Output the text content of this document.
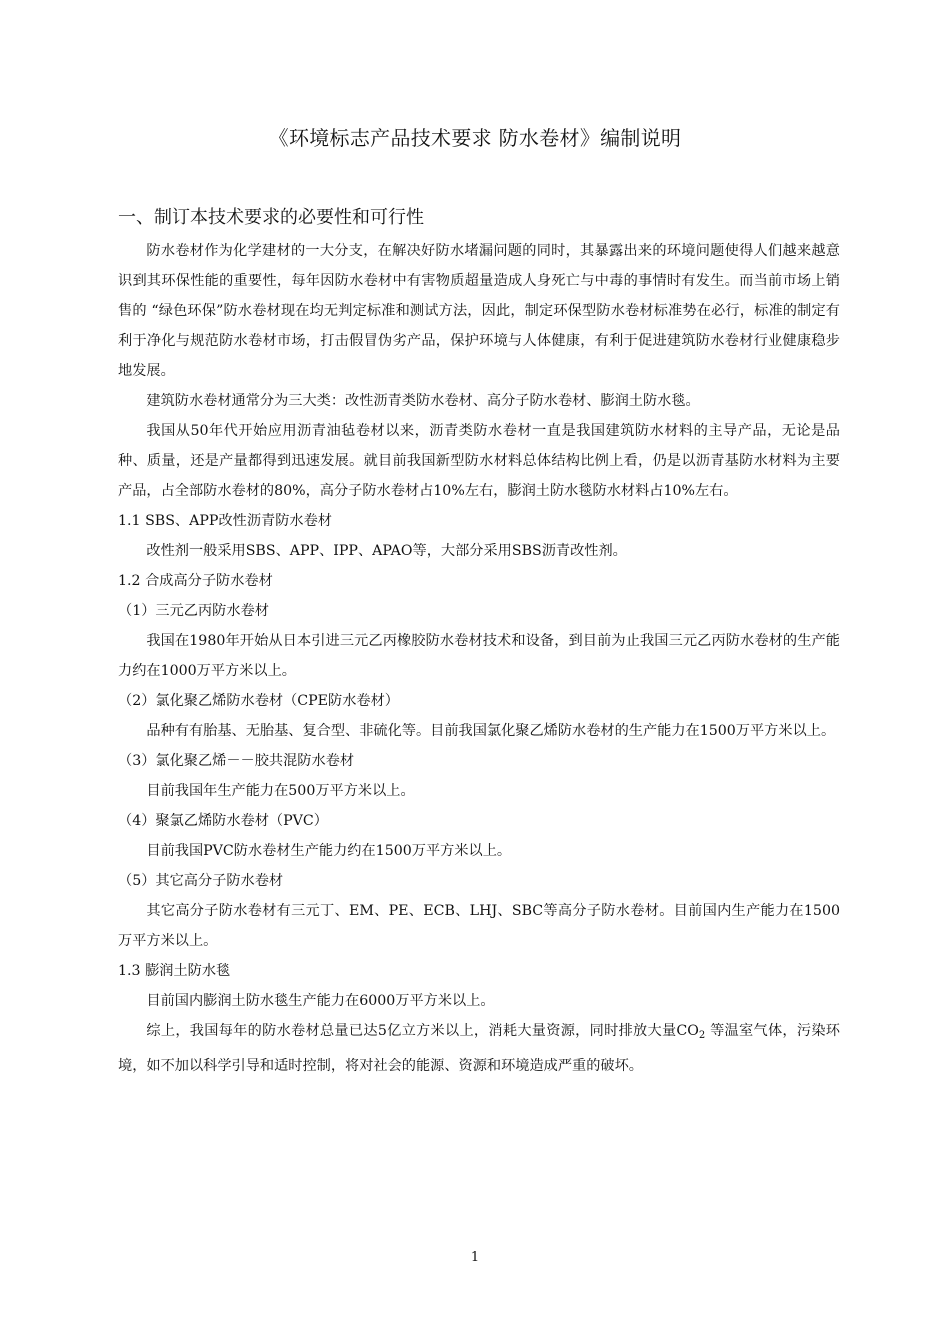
《环境标志产品技术要求 防水卷材》编制说明
一、制订本技术要求的必要性和可行性

防水卷材作为化学建材的一大分支，在解决好防水堵漏问题的同时，其暴露出来的环境问题使得人们越来越意识到其环保性能的重要性，每年因防水卷材中有害物质超量造成人身死亡与中毒的事情时有发生。而当前市场上销售的 “绿色环保”防水卷材现在均无判定标准和测试方法，因此，制定环保型防水卷材标准势在必行，标准的制定有利于净化与规范防水卷材市场，打击假冒伪劣产品，保护环境与人体健康，有利于促进建筑防水卷材行业健康稳步地发展。

建筑防水卷材通常分为三大类：改性沥青类防水卷材、高分子防水卷材、膨润土防水毯。

我国从50年代开始应用沥青油毡卷材以来，沥青类防水卷材一直是我国建筑防水材料的主导产品，无论是品种、质量，还是产量都得到迅速发展。就目前我国新型防水材料总体结构比例上看，仍是以沥青基防水材料为主要产品，占全部防水卷材的80%，高分子防水卷材占10%左右，膨润土防水毯防水材料占10%左右。

1.1 SBS、APP改性沥青防水卷材

改性剂一般采用SBS、APP、IPP、APAO等，大部分采用SBS沥青改性剂。

1.2 合成高分子防水卷材

（1）三元乙丙防水卷材

我国在1980年开始从日本引进三元乙丙橡胶防水卷材技术和设备，到目前为止我国三元乙丙防水卷材的生产能力约在1000万平方米以上。

（2）氯化聚乙烯防水卷材（CPE防水卷材）

品种有有胎基、无胎基、复合型、非硫化等。目前我国氯化聚乙烯防水卷材的生产能力在1500万平方米以上。

（3）氯化聚乙烯－－胶共混防水卷材

目前我国年生产能力在500万平方米以上。

（4）聚氯乙烯防水卷材（PVC）

目前我国PVC防水卷材生产能力约在1500万平方米以上。

（5）其它高分子防水卷材

其它高分子防水卷材有三元丁、EM、PE、ECB、LHJ、SBC等高分子防水卷材。目前国内生产能力在1500万平方米以上。

1.3 膨润土防水毯

目前国内膨润土防水毯生产能力在6000万平方米以上。

综上，我国每年的防水卷材总量已达5亿立方米以上，消耗大量资源，同时排放大量$CO_2$ 等温室气体，污染环境，如不加以科学引导和适时控制，将对社会的能源、资源和环境造成严重的破坏。

1
